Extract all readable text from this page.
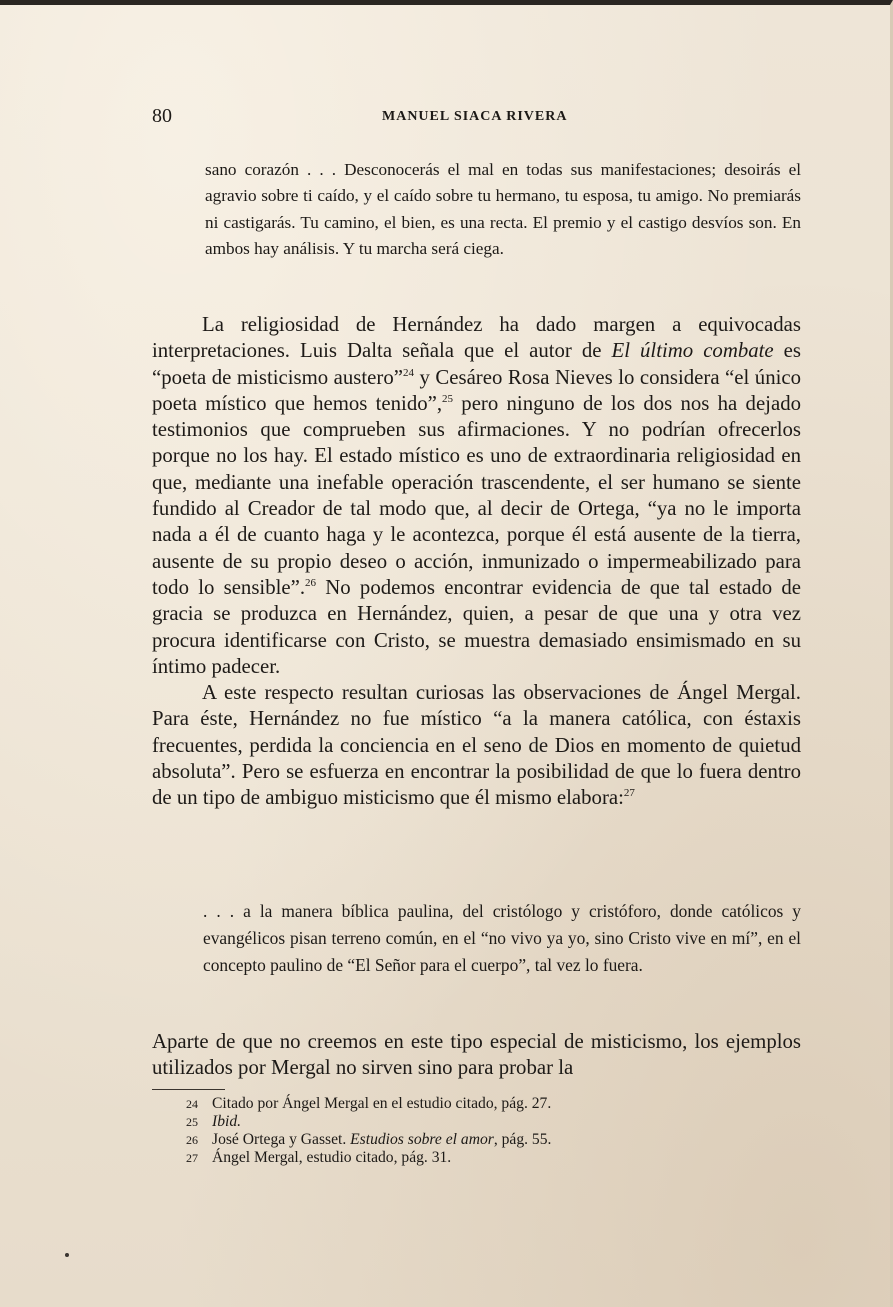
80	MANUEL SIACA RIVERA

sano corazón . . . Desconocerás el mal en todas sus manifestaciones; desoirás el agravio sobre ti caído, y el caído sobre tu hermano, tu esposa, tu amigo. No premiarás ni castigarás. Tu camino, el bien, es una recta. El premio y el castigo desvíos son. En ambos hay análisis. Y tu marcha será ciega.

La religiosidad de Hernández ha dado margen a equivocadas interpretaciones. Luis Dalta señala que el autor de El último combate es “poeta de misticismo austero”$^{24}$ y Cesáreo Rosa Nieves lo considera “el único poeta místico que hemos tenido”,$^{25}$ pero ninguno de los dos nos ha dejado testimonios que comprueben sus afirmaciones. Y no podrían ofrecerlos porque no los hay. El estado místico es uno de extraordinaria religiosidad en que, mediante una inefable operación trascendente, el ser humano se siente fundido al Creador de tal modo que, al decir de Ortega, “ya no le importa nada a él de cuanto haga y le acontezca, porque él está ausente de la tierra, ausente de su propio deseo o acción, inmunizado o impermeabilizado para todo lo sensible”.$^{26}$ No podemos encontrar evidencia de que tal estado de gracia se produzca en Hernández, quien, a pesar de que una y otra vez procura identificarse con Cristo, se muestra demasiado ensimismado en su íntimo padecer.

A este respecto resultan curiosas las observaciones de Ángel Mergal. Para éste, Hernández no fue místico “a la manera católica, con éstaxis frecuentes, perdida la conciencia en el seno de Dios en momento de quietud absoluta”. Pero se esfuerza en encontrar la posibilidad de que lo fuera dentro de un tipo de ambiguo misticismo que él mismo elabora:$^{27}$

. . . a la manera bíblica paulina, del cristólogo y cristóforo, donde católicos y evangélicos pisan terreno común, en el “no vivo ya yo, sino Cristo vive en mí”, en el concepto paulino de “El Señor para el cuerpo”, tal vez lo fuera.

Aparte de que no creemos en este tipo especial de misticismo, los ejemplos utilizados por Mergal no sirven sino para probar la

24 Citado por Ángel Mergal en el estudio citado, pág. 27.
25 Ibid.
26 José Ortega y Gasset. Estudios sobre el amor, pág. 55.
27 Ángel Mergal, estudio citado, pág. 31.
